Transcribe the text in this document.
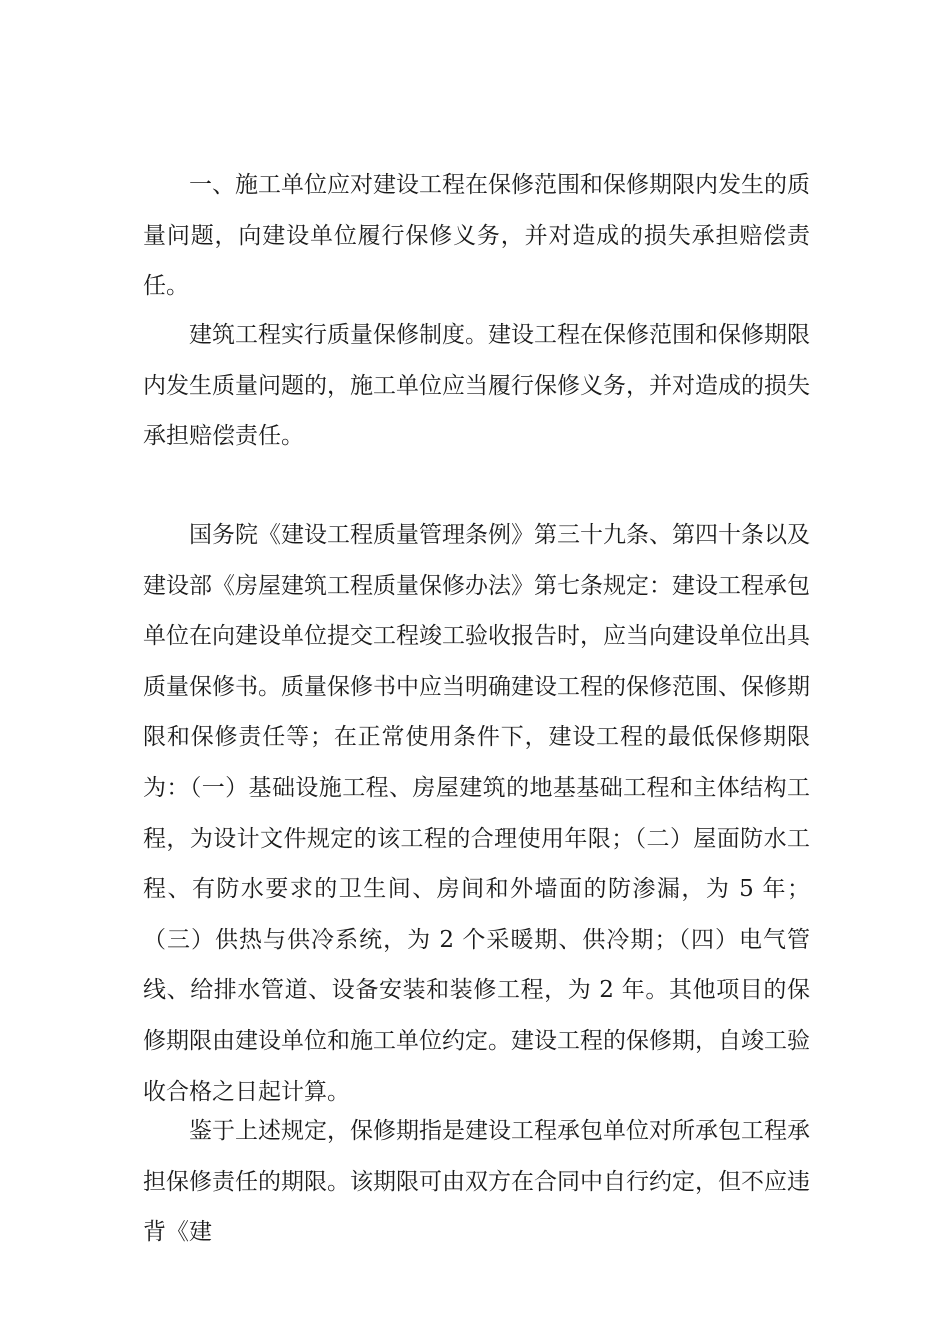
一、施工单位应对建设工程在保修范围和保修期限内发生的质量问题，向建设单位履行保修义务，并对造成的损失承担赔偿责任。

建筑工程实行质量保修制度。建设工程在保修范围和保修期限内发生质量问题的，施工单位应当履行保修义务，并对造成的损失承担赔偿责任。

国务院《建设工程质量管理条例》第三十九条、第四十条以及建设部《房屋建筑工程质量保修办法》第七条规定：建设工程承包单位在向建设单位提交工程竣工验收报告时，应当向建设单位出具质量保修书。质量保修书中应当明确建设工程的保修范围、保修期限和保修责任等；在正常使用条件下，建设工程的最低保修期限为：（一）基础设施工程、房屋建筑的地基基础工程和主体结构工程，为设计文件规定的该工程的合理使用年限；（二）屋面防水工程、有防水要求的卫生间、房间和外墙面的防渗漏，为 5 年；（三）供热与供冷系统，为 2 个采暖期、供冷期；（四）电气管线、给排水管道、设备安装和装修工程，为 2 年。其他项目的保修期限由建设单位和施工单位约定。建设工程的保修期，自竣工验收合格之日起计算。

鉴于上述规定，保修期指是建设工程承包单位对所承包工程承担保修责任的期限。该期限可由双方在合同中自行约定，但不应违背《建
